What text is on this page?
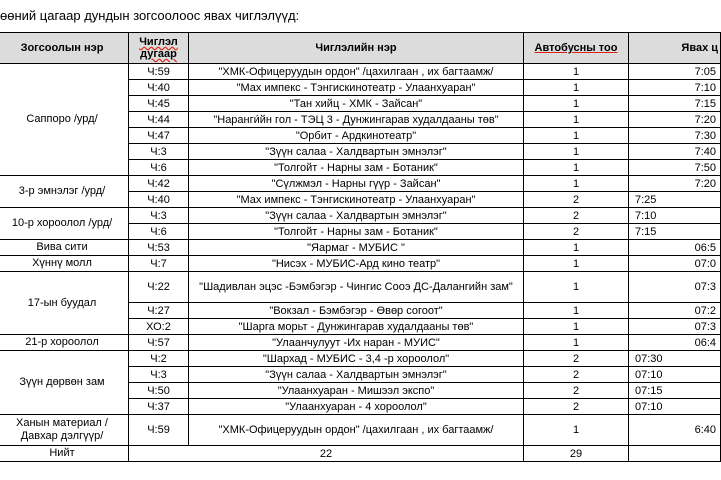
өөний цагаар дундын зогсоолоос явах чиглэлүүд:
Зогсоолын нэр	Чиглэл дугаар	Чиглэлийн нэр	Автобусны тоо	Явах ц
Саппоро /урд/	Ч:59	"ХМК-Офицеруудын ордон" /цахилгаан , их багтаамж/	1	7:05
	Ч:40	"Мах импекс - Тэнгискинотеатр - Улаанхуаран"	1	7:10
	Ч:45	"Тан хийц - ХМК - Зайсан"	1	7:15
	Ч:44	"Наранги́йн гол - ТЭЦ 3 - Дунжингарав худалдааны төв"	1	7:20
	Ч:47	"Орбит - Ардкинотеатр"	1	7:30
	Ч:3	"Зүүн салаа - Халдвартын эмнэлэг"	1	7:40
	Ч:6	"Толгойт - Нарны зам - Ботаник"	1	7:50
3-р эмнэлэг /урд/	Ч:42	"Сүлжмэл - Нарны гүүр - Зайсан"	1	7:20
	Ч:40	"Мах импекс - Тэнгискинотеатр - Улаанхуаран"	2	7:25
10-р хороолол /урд/	Ч:3	"Зүүн салаа - Халдвартын эмнэлэг"	2	7:10
	Ч:6	"Толгойт - Нарны зам - Ботаник"	2	7:15
Вива сити	Ч:53	"Яармаг - МУБИС "	1	06:5
Хүннү молл	Ч:7	"Нисэх - МУБИС-Ард кино театр"	1	07:0
17-ын буудал	Ч:22	"Шадивлан эцэс -Бэмбэгэр - Чингис Сооэ ДС-Далангийн зам"	1	07:3
	Ч:27	"Вокзал - Бэмбэгэр - Өвөр согоот"	1	07:2
	ХО:2	"Шарга морьт - Дунжингарав худалдааны төв"	1	07:3
21-р хороолол	Ч:57	"Улаанчулуут -Их наран - МУИС"	1	06:4
Зүүн дөрвөн зам	Ч:2	"Шархад - МУБИС - 3,4 -р хороолол"	2	07:30
	Ч:3	"Зүүн салаа - Халдвартын эмнэлэг"	2	07:10
	Ч:50	"Улаанхуаран - Мишээл экспо"	2	07:15
	Ч:37	"Улаанхуаран - 4 хороолол"	2	07:10
Ханын материал /Давхар дэлгүүр/	Ч:59	"ХМК-Офицеруудын ордон" /цахилгаан , их багтаамж/	1	6:40
Нийт	22		29	
